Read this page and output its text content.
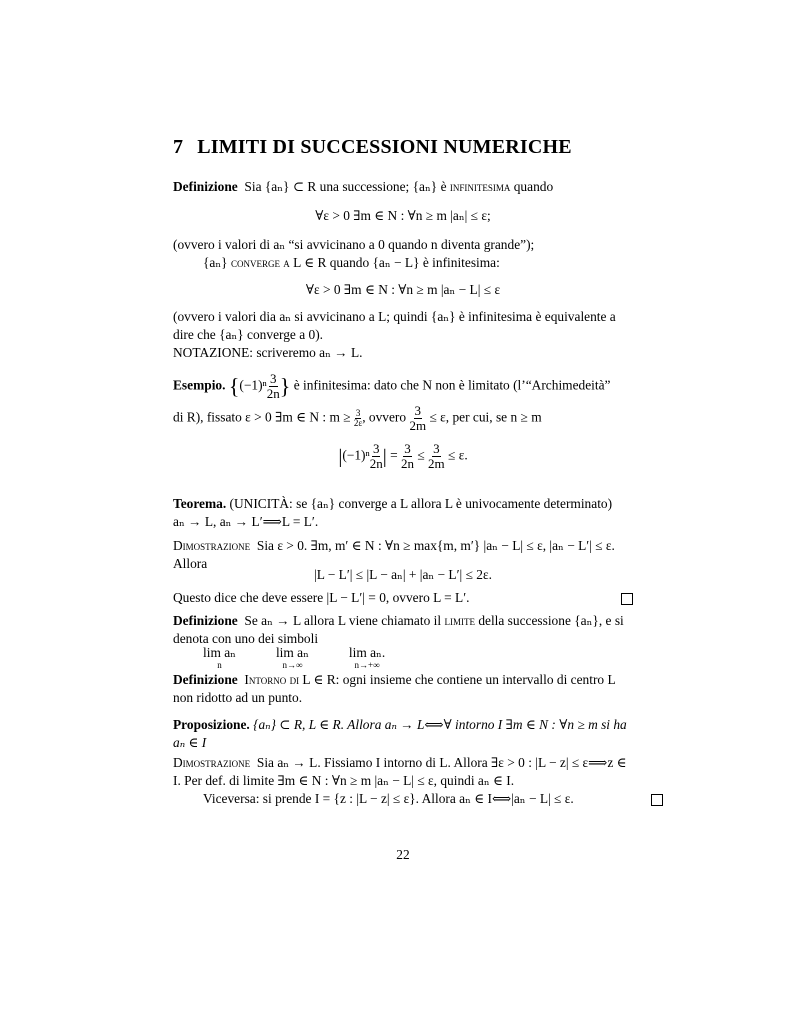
7 LIMITI DI SUCCESSIONI NUMERICHE
Definizione Sia {aₙ} ⊂ R una successione; {aₙ} è infinitesima quando
∀ε > 0 ∃m ∈ N : ∀n ≥ m |aₙ| ≤ ε;
(ovvero i valori di aₙ “si avvicinano a 0 quando n diventa grande”);
{aₙ} converge a L ∈ R quando {aₙ − L} è infinitesima:
∀ε > 0 ∃m ∈ N : ∀n ≥ m |aₙ − L| ≤ ε
(ovvero i valori dia aₙ si avvicinano a L; quindi {aₙ} è infinitesima è equivalente a dire che {aₙ} converge a 0).
NOTAZIONE: scriveremo aₙ → L.
Esempio. {$(-1)^n \frac{3}{2n}$ } è infinitesima: dato che N non è limitato (l’“Archimedeità”
di R), fissato ε > 0 ∃m ∈ N : $m \ge \frac{3}{2\varepsilon}$ , ovvero $\frac{3}{2m} \le \varepsilon$, per cui, se n ≥ m
$|(-1)^n \frac{3}{2n}$ | = $\frac{3}{2n} \le \frac{3}{2m} \le \varepsilon$.
Teorema. (UNICITÀ: se {aₙ} converge a L allora L è univocamente determinato)
aₙ → L, aₙ → L′⟹L = L′.
Dimostrazione Sia ε > 0. ∃m, m′ ∈ N : ∀n ≥ max{m, m′} |aₙ − L| ≤ ε, |aₙ − L′| ≤ ε. Allora
|L − L′| ≤ |L − aₙ| + |aₙ − L′| ≤ 2ε.
Questo dice che deve essere |L − L′| = 0, ovvero L = L′.
Definizione Se aₙ → L allora L viene chiamato il limite della successione {aₙ}, e si denota con uno dei simboli
lim aₙ
n
lim aₙ
n→∞
lim aₙ.
n→+∞
Definizione Intorno di L ∈ R: ogni insieme che contiene un intervallo di centro L non ridotto ad un punto.
Proposizione. {aₙ} ⊂ R, L ∈ R. Allora aₙ → L⟺∀ intorno I ∃m ∈ N : ∀n ≥ m si ha aₙ ∈ I
Dimostrazione Sia aₙ → L. Fissiamo I intorno di L. Allora ∃ε > 0 : |L − z| ≤ ε⟹z ∈ I. Per def. di limite ∃m ∈ N : ∀n ≥ m |aₙ − L| ≤ ε, quindi aₙ ∈ I.
Viceversa: si prende I = {z : |L − z| ≤ ε}. Allora aₙ ∈ I⟺|aₙ − L| ≤ ε.
22
